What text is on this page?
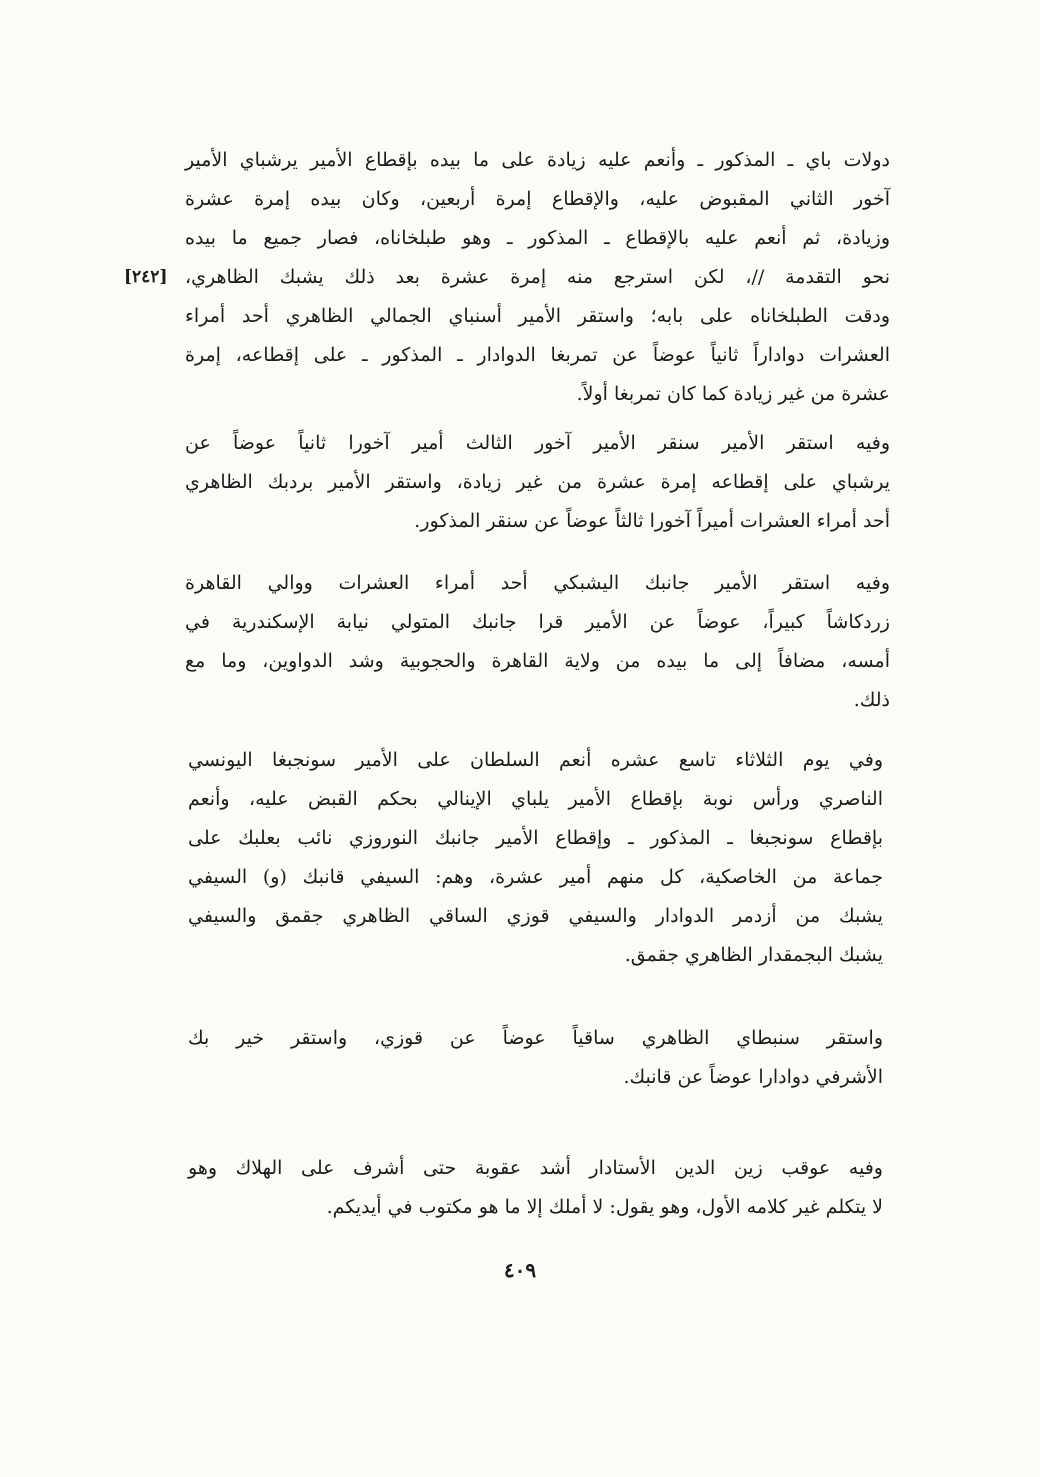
دولات باي ـ المذكور ـ وأنعم عليه زيادة على ما بيده بإقطاع الأمير يرشباي الأمير
آخور الثاني المقبوض عليه، والإقطاع إمرة أربعين، وكان بيده إمرة عشرة
وزيادة، ثم أنعم عليه بالإقطاع ـ المذكور ـ وهو طبلخاناه، فصار جميع ما بيده
نحو التقدمة //، لكن استرجع منه إمرة عشرة بعد ذلك يشبك الظاهري،
ودقت الطبلخاناه على بابه؛ واستقر الأمير أسنباي الجمالي الظاهري أحد أمراء
العشرات دواداراً ثانياً عوضاً عن تمربغا الدوادار ـ المذكور ـ على إقطاعه، إمرة
عشرة من غير زيادة كما كان تمربغا أولاً.
[٢٤٢]
وفيه استقر الأمير سنقر الأمير آخور الثالث أمير آخورا ثانياً عوضاً عن
يرشباي على إقطاعه إمرة عشرة من غير زيادة، واستقر الأمير بردبك الظاهري
أحد أمراء العشرات أميراً آخورا ثالثاً عوضاً عن سنقر المذكور.
وفيه استقر الأمير جانبك اليشبكي أحد أمراء العشرات ووالي القاهرة
زردكاشاً كبيراً، عوضاً عن الأمير قرا جانبك المتولي نيابة الإسكندرية في
أمسه، مضافاً إلى ما بيده من ولاية القاهرة والحجوبية وشد الدواوين، وما مع
ذلك.
وفي يوم الثلاثاء تاسع عشره أنعم السلطان على الأمير سونجبغا اليونسي
الناصري ورأس نوبة بإقطاع الأمير يلباي الإينالي بحكم القبض عليه، وأنعم
بإقطاع سونجبغا ـ المذكور ـ وإقطاع الأمير جانبك النوروزي نائب بعلبك على
جماعة من الخاصكية، كل منهم أمير عشرة، وهم: السيفي قانبك (و) السيفي
يشبك من أزدمر الدوادار والسيفي قوزي الساقي الظاهري جقمق والسيفي
يشبك البجمقدار الظاهري جقمق.
واستقر سنبطاي الظاهري ساقياً عوضاً عن قوزي، واستقر خير بك
الأشرفي دوادارا عوضاً عن قانبك.
وفيه عوقب زين الدين الأستادار أشد عقوبة حتى أشرف على الهلاك وهو
لا يتكلم غير كلامه الأول، وهو يقول: لا أملك إلا ما هو مكتوب في أيديكم.
٤٠٩
